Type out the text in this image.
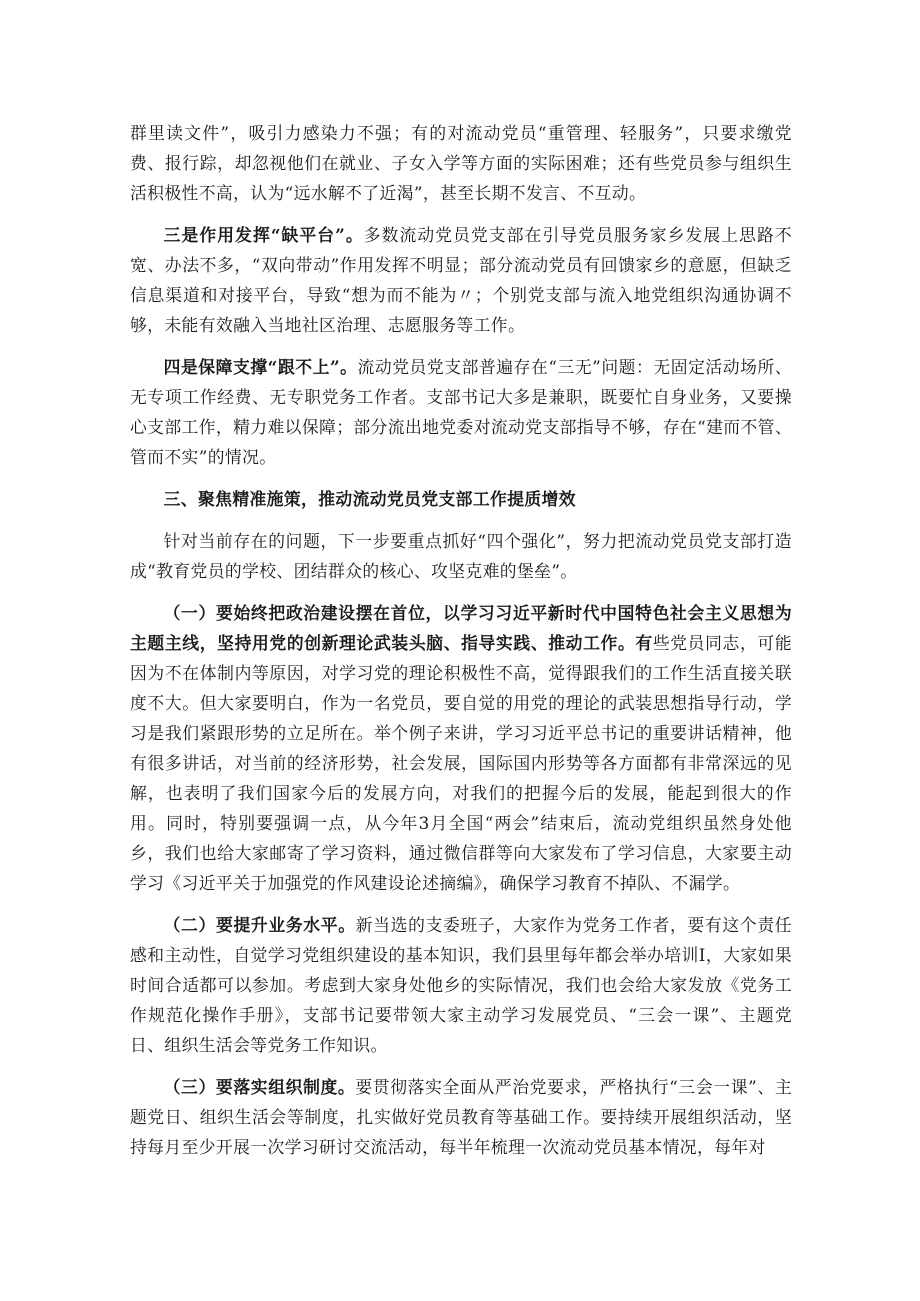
群里读文件”，吸引力感染力不强；有的对流动党员“重管理、轻服务”，只要求缴党费、报行踪，却忽视他们在就业、子女入学等方面的实际困难；还有些党员参与组织生活积极性不高，认为“远水解不了近渴”，甚至长期不发言、不互动。

三是作用发挥“缺平台”。多数流动党员党支部在引导党员服务家乡发展上思路不宽、办法不多，“双向带动”作用发挥不明显；部分流动党员有回馈家乡的意愿，但缺乏信息渠道和对接平台，导致“想为而不能为〃；个别党支部与流入地党组织沟通协调不够，未能有效融入当地社区治理、志愿服务等工作。

四是保障支撑“跟不上”。流动党员党支部普遍存在“三无”问题：无固定活动场所、无专项工作经费、无专职党务工作者。支部书记大多是兼职，既要忙自身业务，又要操心支部工作，精力难以保障；部分流出地党委对流动党支部指导不够，存在“建而不管、管而不实”的情况。

三、聚焦精准施策，推动流动党员党支部工作提质增效

针对当前存在的问题，下一步要重点抓好“四个强化”，努力把流动党员党支部打造成“教育党员的学校、团结群众的核心、攻坚克难的堡垒”。

（一）要始终把政治建设摆在首位，以学习习近平新时代中国特色社会主义思想为主题主线，坚持用党的创新理论武装头脑、指导实践、推动工作。有些党员同志，可能因为不在体制内等原因，对学习党的理论积极性不高，觉得跟我们的工作生活直接关联度不大。但大家要明白，作为一名党员，要自觉的用党的理论的武装思想指导行动，学习是我们紧跟形势的立足所在。举个例子来讲，学习习近平总书记的重要讲话精神，他有很多讲话，对当前的经济形势，社会发展，国际国内形势等各方面都有非常深远的见解，也表明了我们国家今后的发展方向，对我们的把握今后的发展，能起到很大的作用。同时，特别要强调一点，从今年3月全国“两会”结束后，流动党组织虽然身处他乡，我们也给大家邮寄了学习资料，通过微信群等向大家发布了学习信息，大家要主动学习《习近平关于加强党的作风建设论述摘编》，确保学习教育不掉队、不漏学。

（二）要提升业务水平。新当选的支委班子，大家作为党务工作者，要有这个责任感和主动性，自觉学习党组织建设的基本知识，我们县里每年都会举办培训I，大家如果时间合适都可以参加。考虑到大家身处他乡的实际情况，我们也会给大家发放《党务工作规范化操作手册》，支部书记要带领大家主动学习发展党员、“三会一课”、主题党日、组织生活会等党务工作知识。

（三）要落实组织制度。要贯彻落实全面从严治党要求，严格执行“三会一课”、主题党日、组织生活会等制度，扎实做好党员教育等基础工作。要持续开展组织活动，坚持每月至少开展一次学习研讨交流活动，每半年梳理一次流动党员基本情况，每年对
